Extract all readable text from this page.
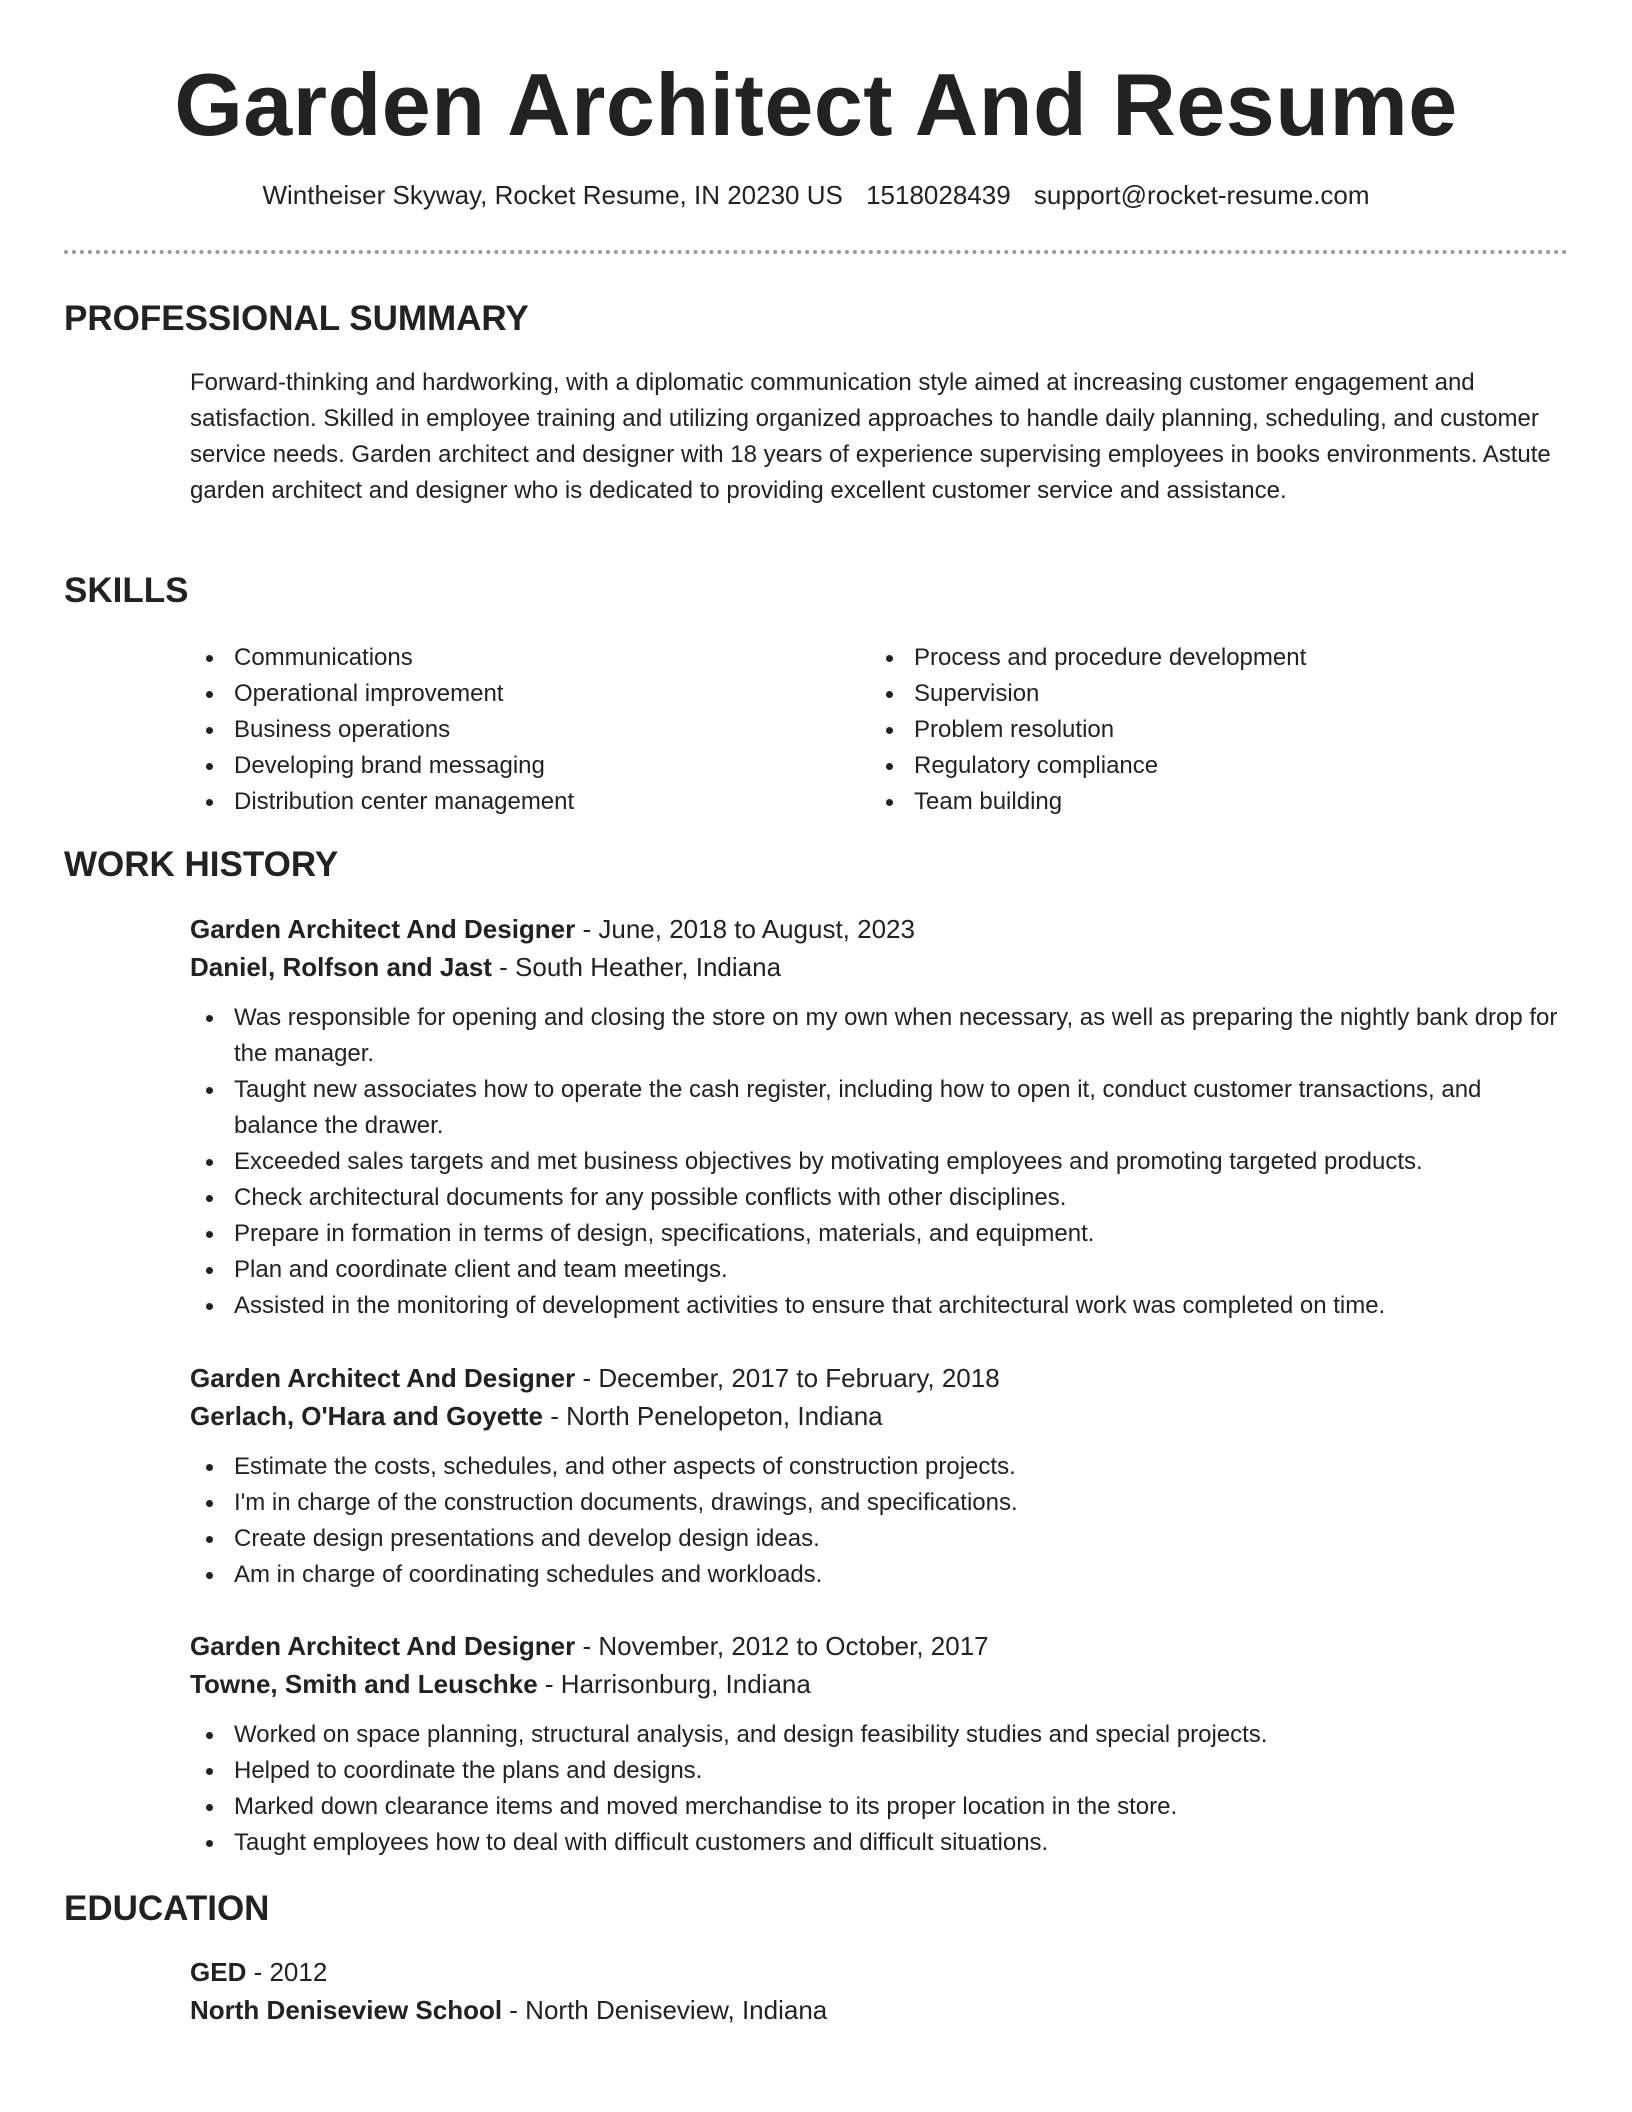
Garden Architect And Resume
Wintheiser Skyway, Rocket Resume, IN 20230 US 1518028439 support@rocket-resume.com
PROFESSIONAL SUMMARY

Forward-thinking and hardworking, with a diplomatic communication style aimed at increasing customer engagement and satisfaction. Skilled in employee training and utilizing organized approaches to handle daily planning, scheduling, and customer service needs. Garden architect and designer with 18 years of experience supervising employees in books environments. Astute garden architect and designer who is dedicated to providing excellent customer service and assistance.

SKILLS
Communications
Operational improvement
Business operations
Developing brand messaging
Distribution center management
Process and procedure development
Supervision
Problem resolution
Regulatory compliance
Team building
WORK HISTORY
Garden Architect And Designer - June, 2018 to August, 2023
Daniel, Rolfson and Jast - South Heather, Indiana
Was responsible for opening and closing the store on my own when necessary, as well as preparing the nightly bank drop for the manager.
Taught new associates how to operate the cash register, including how to open it, conduct customer transactions, and balance the drawer.
Exceeded sales targets and met business objectives by motivating employees and promoting targeted products.
Check architectural documents for any possible conflicts with other disciplines.
Prepare in formation in terms of design, specifications, materials, and equipment.
Plan and coordinate client and team meetings.
Assisted in the monitoring of development activities to ensure that architectural work was completed on time.
Garden Architect And Designer - December, 2017 to February, 2018
Gerlach, O'Hara and Goyette - North Penelopeton, Indiana
Estimate the costs, schedules, and other aspects of construction projects.
I'm in charge of the construction documents, drawings, and specifications.
Create design presentations and develop design ideas.
Am in charge of coordinating schedules and workloads.
Garden Architect And Designer - November, 2012 to October, 2017
Towne, Smith and Leuschke - Harrisonburg, Indiana
Worked on space planning, structural analysis, and design feasibility studies and special projects.
Helped to coordinate the plans and designs.
Marked down clearance items and moved merchandise to its proper location in the store.
Taught employees how to deal with difficult customers and difficult situations.
EDUCATION
GED - 2012
North Deniseview School - North Deniseview, Indiana
